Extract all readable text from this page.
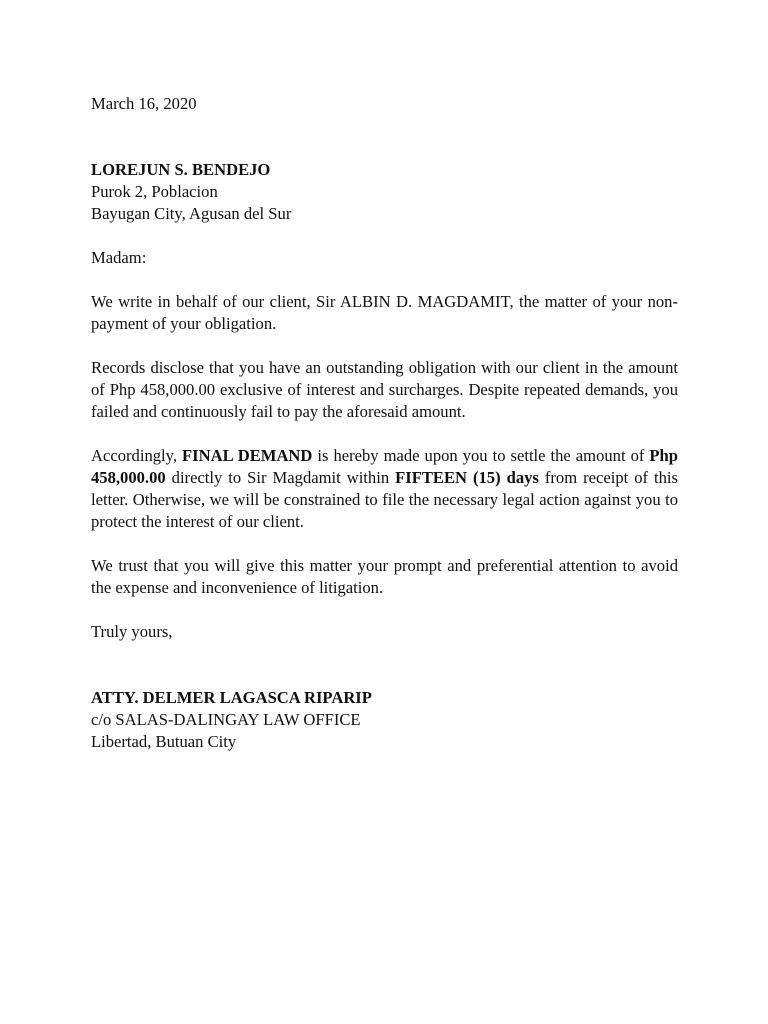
March 16, 2020
LOREJUN S. BENDEJO
Purok 2, Poblacion
Bayugan City, Agusan del Sur
Madam:

We write in behalf of our client, Sir ALBIN D. MAGDAMIT, the matter of your non-payment of your obligation.

Records disclose that you have an outstanding obligation with our client in the amount of Php 458,000.00 exclusive of interest and surcharges. Despite repeated demands, you failed and continuously fail to pay the aforesaid amount.

Accordingly, FINAL DEMAND is hereby made upon you to settle the amount of Php 458,000.00 directly to Sir Magdamit within FIFTEEN (15) days from receipt of this letter. Otherwise, we will be constrained to file the necessary legal action against you to protect the interest of our client.

We trust that you will give this matter your prompt and preferential attention to avoid the expense and inconvenience of litigation.

Truly yours,
ATTY. DELMER LAGASCA RIPARIP
c/o SALAS-DALINGAY LAW OFFICE
Libertad, Butuan City
